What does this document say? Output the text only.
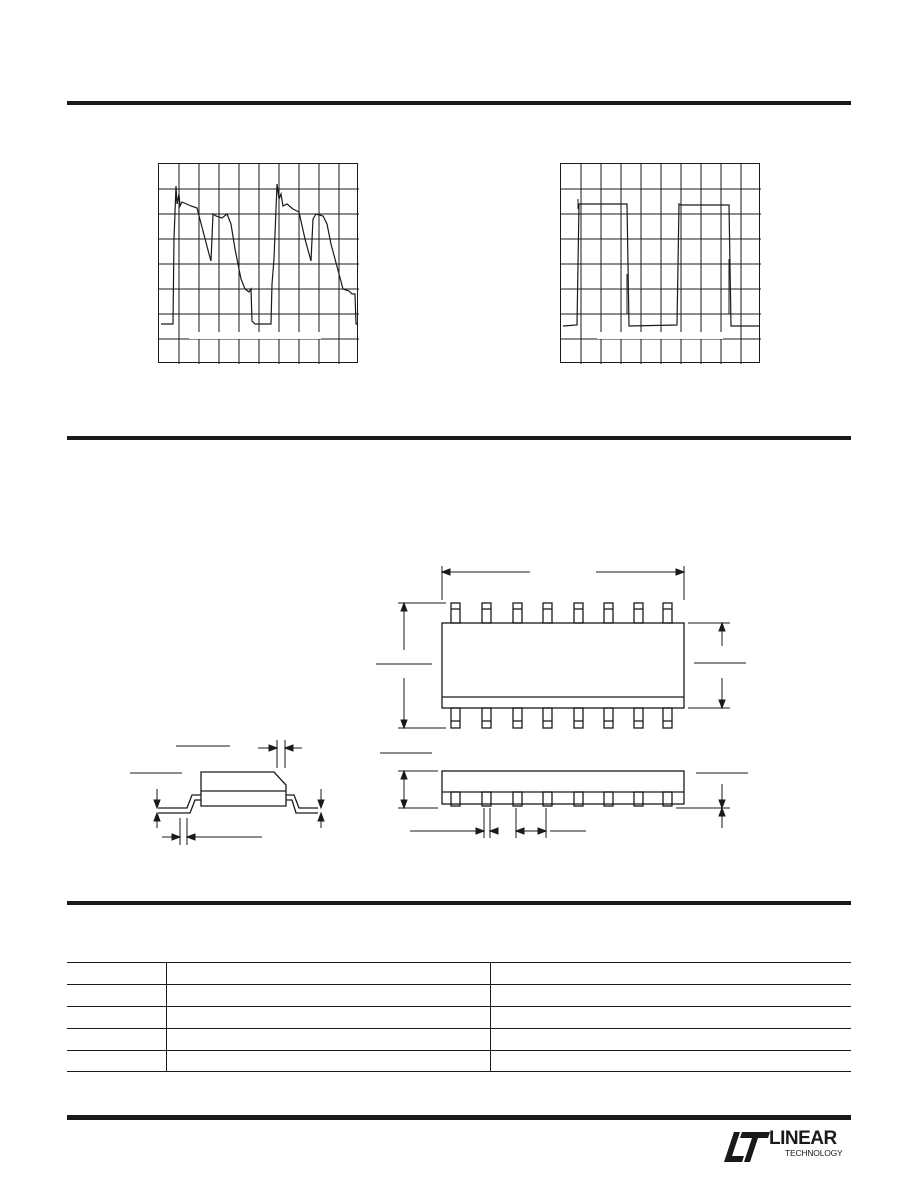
LINEAR
TECHNOLOGY
